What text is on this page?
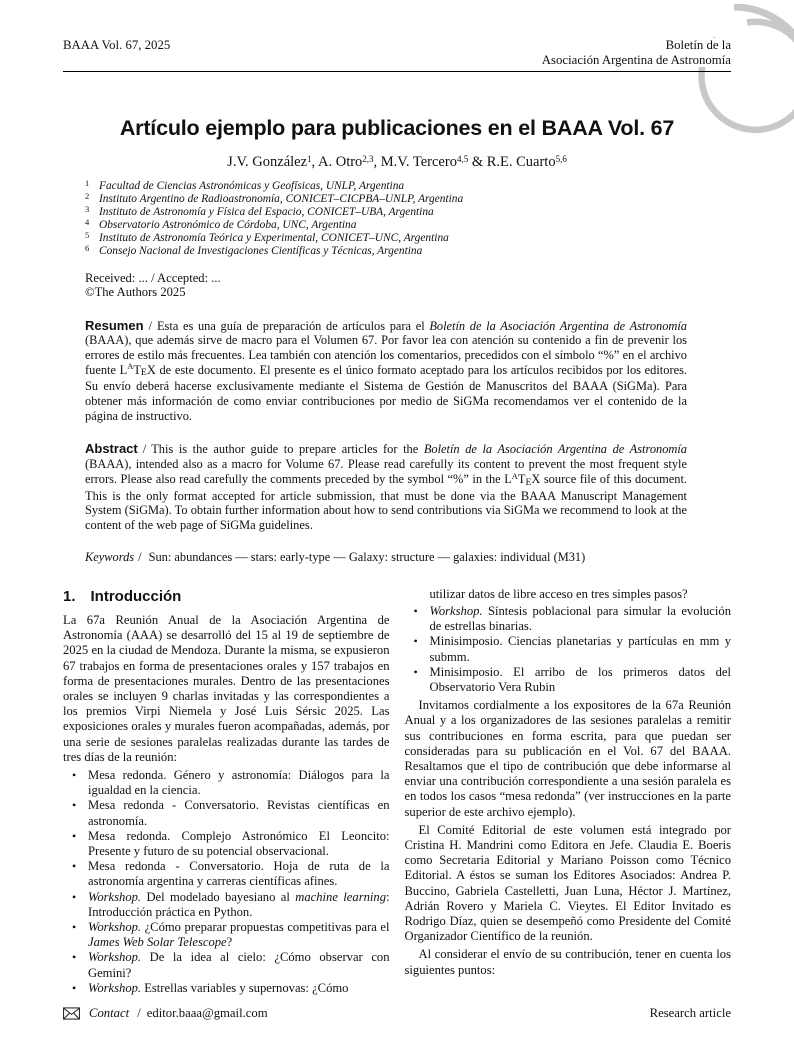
BAAA Vol. 67, 2025	Boletín de la
Asociación Argentina de Astronomía
Artículo ejemplo para publicaciones en el BAAA Vol. 67
J.V. González$^1$, A. Otro$^{2,3}$, M.V. Tercero$^{4,5}$ & R.E. Cuarto$^{5,6}$
$^1$ Facultad de Ciencias Astronómicas y Geofísicas, UNLP, Argentina
$^2$ Instituto Argentino de Radioastronomía, CONICET–CICPBA–UNLP, Argentina
$^3$ Instituto de Astronomía y Física del Espacio, CONICET–UBA, Argentina
$^4$ Observatorio Astronómico de Córdoba, UNC, Argentina
$^5$ Instituto de Astronomía Teórica y Experimental, CONICET–UNC, Argentina
$^6$ Consejo Nacional de Investigaciones Científicas y Técnicas, Argentina
Received: ... / Accepted: ...
©The Authors 2025

Resumen / Esta es una guía de preparación de artículos para el Boletín de la Asociación Argentina de Astronomía (BAAA), que además sirve de macro para el Volumen 67. Por favor lea con atención su contenido a fin de prevenir los errores de estilo más frecuentes. Lea también con atención los comentarios, precedidos con el símbolo “%” en el archivo fuente $L^AT_EX$ de este documento. El presente es el único formato aceptado para los artículos recibidos por los editores. Su envío deberá hacerse exclusivamente mediante el Sistema de Gestión de Manuscritos del BAAA (SiGMa). Para obtener más información de como enviar contribuciones por medio de SiGMa recomendamos ver el contenido de la página de instructivo.

Abstract / This is the author guide to prepare articles for the Boletín de la Asociación Argentina de Astronomía (BAAA), intended also as a macro for Volume 67. Please read carefully its content to prevent the most frequent style errors. Please also read carefully the comments preceded by the symbol “%” in the $L^AT_EX$ source file of this document. This is the only format accepted for article submission, that must be done via the BAAA Manuscript Management System (SiGMa). To obtain further information about how to send contributions via SiGMa we recommend to look at the content of the web page of SiGMa guidelines.

Keywords / Sun: abundances — stars: early-type — Galaxy: structure — galaxies: individual (M31)

1. Introducción

La 67a Reunión Anual de la Asociación Argentina de Astronomía (AAA) se desarrolló del 15 al 19 de septiembre de 2025 en la ciudad de Mendoza. Durante la misma, se expusieron 67 trabajos en forma de presentaciones orales y 157 trabajos en forma de presentaciones murales. Dentro de las presentaciones orales se incluyen 9 charlas invitadas y las correspondientes a los premios Virpi Niemela y José Luis Sérsic 2025. Las exposiciones orales y murales fueron acompañadas, además, por una serie de sesiones paralelas realizadas durante las tardes de tres días de la reunión:

• Mesa redonda. Género y astronomía: Diálogos para la igualdad en la ciencia.
• Mesa redonda - Conversatorio. Revistas científicas en astronomía.
• Mesa redonda. Complejo Astronómico El Leoncito: Presente y futuro de su potencial observacional.
• Mesa redonda - Conversatorio. Hoja de ruta de la astronomía argentina y carreras científicas afines.
• Workshop. Del modelado bayesiano al machine learning: Introducción práctica en Python.
• Workshop. ¿Cómo preparar propuestas competitivas para el James Web Solar Telescope?
• Workshop. De la idea al cielo: ¿Cómo observar con Gemini?
• Workshop. Estrellas variables y supernovas: ¿Cómo
utilizar datos de libre acceso en tres simples pasos?
• Workshop. Síntesis poblacional para simular la evolución de estrellas binarias.
• Minisimposio. Ciencias planetarias y partículas en mm y submm.
• Minisimposio. El arribo de los primeros datos del Observatorio Vera Rubin

Invitamos cordialmente a los expositores de la 67a Reunión Anual y a los organizadores de las sesiones paralelas a remitir sus contribuciones en forma escrita, para que puedan ser consideradas para su publicación en el Vol. 67 del BAAA. Resaltamos que el tipo de contribución que debe informarse al enviar una contribución correspondiente a una sesión paralela es en todos los casos “mesa redonda” (ver instrucciones en la parte superior de este archivo ejemplo).

El Comité Editorial de este volumen está integrado por Cristina H. Mandrini como Editora en Jefe. Claudia E. Boeris como Secretaria Editorial y Mariano Poisson como Técnico Editorial. A éstos se suman los Editores Asociados: Andrea P. Buccino, Gabriela Castelletti, Juan Luna, Héctor J. Martínez, Adrián Rovero y Mariela C. Vieytes. El Editor Invitado es Rodrigo Díaz, quien se desempeñó como Presidente del Comité Organizador Científico de la reunión.

Al considerar el envío de su contribución, tener en cuenta los siguientes puntos:

Contact / editor.baaa@gmail.com	Research article
